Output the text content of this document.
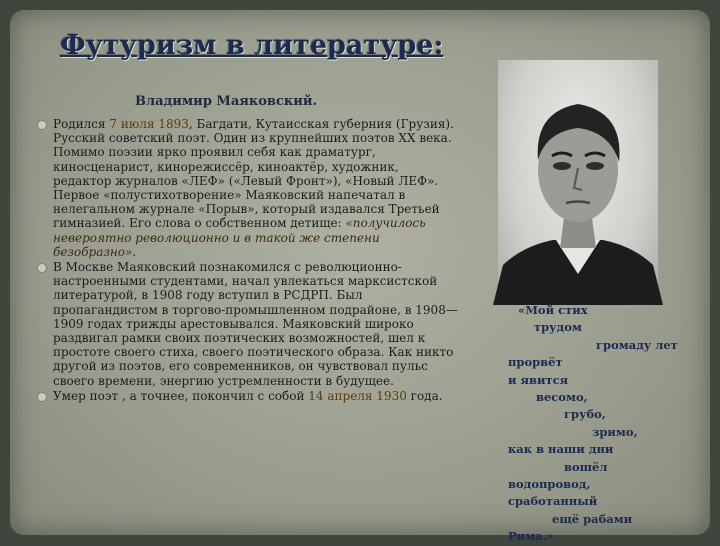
Футуризм в литературе:
Владимир Маяковский.
Родился 7 июля 1893, Багдати, Кутаисская губерния (Грузия). Русский советский поэт. Один из крупнейших поэтов XX века. Помимо поэзии ярко проявил себя как драматург, киносценарист, кинорежиссёр, киноактёр, художник, редактор журналов «ЛЕФ» («Левый Фронт»), «Новый ЛЕФ». Первое «полустихотворение» Маяковский напечатал в нелегальном журнале «Порыв», который издавался Третьей гимназией. Его слова о собственном детище: «получилось невероятно революционно и в такой же степени безобразно».
В Москве Маяковский познакомился с революционно-настроенными студентами, начал увлекаться марксистской литературой, в 1908 году вступил в РСДРП. Был пропагандистом в торгово-промышленном подрайоне, в 1908—1909 годах трижды арестовывался. Маяковский широко раздвигал рамки своих поэтических возможностей, шел к простоте своего стиха, своего поэтического образа. Как никто другой из поэтов, его современников, он чувствовал пульс своего времени, энергию устремленности в будущее.
Умер поэт , а точнее, покончил с собой 14 апреля 1930 года.
«Мой стих
трудом
громаду лет
прорвёт
и явится
весомо,
грубо,
зримо,
как в наши дни
вошёл
водопровод,
сработанный
ещё рабами
Рима.»
